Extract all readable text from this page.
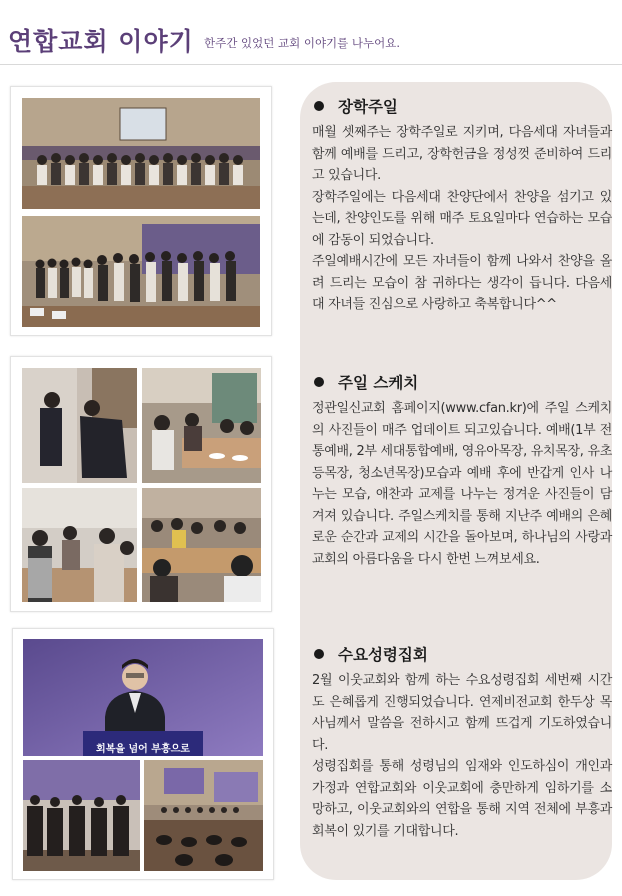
연합교회 이야기 한주간 있었던 교회 이야기를 나누어요.
회복을 넘어 부흥으로
장학주일

매월 셋째주는 장학주일로 지키며, 다음세대 자녀들과 함께 예배를 드리고, 장학헌금을 정성껏 준비하여 드리고 있습니다.

장학주일에는 다음세대 찬양단에서 찬양을 섬기고 있는데, 찬양인도를 위해 매주 토요일마다 연습하는 모습에 감동이 되었습니다.

주일예배시간에 모든 자녀들이 함께 나와서 찬양을 올려 드리는 모습이 참 귀하다는 생각이 듭니다. 다음세대 자녀들 진심으로 사랑하고 축복합니다^^

주일 스케치

정관일신교회 홈페이지(www.cfan.kr)에 주일 스케치의 사진들이 매주 업데이트 되고있습니다. 예배(1부 전통예배, 2부 세대통합예배, 영유아목장, 유치목장, 유초등목장, 청소년목장)모습과 예배 후에 반갑게 인사 나누는 모습, 애찬과 교제를 나누는 정겨운 사진들이 담겨져 있습니다. 주일스케치를 통해 지난주 예배의 은혜로운 순간과 교제의 시간을 돌아보며, 하나님의 사랑과 교회의 아름다움을 다시 한번 느껴보세요.

수요성령집회

2월 이웃교회와 함께 하는 수요성령집회 세번째 시간도 은혜롭게 진행되었습니다. 연제비전교회 한두상 목사님께서 말씀을 전하시고 함께 뜨겁게 기도하였습니다.

성령집회를 통해 성령님의 임재와 인도하심이 개인과 가정과 연합교회와 이웃교회에 충만하게 임하기를 소망하고, 이웃교회와의 연합을 통해 지역 전체에 부흥과 회복이 있기를 기대합니다.
